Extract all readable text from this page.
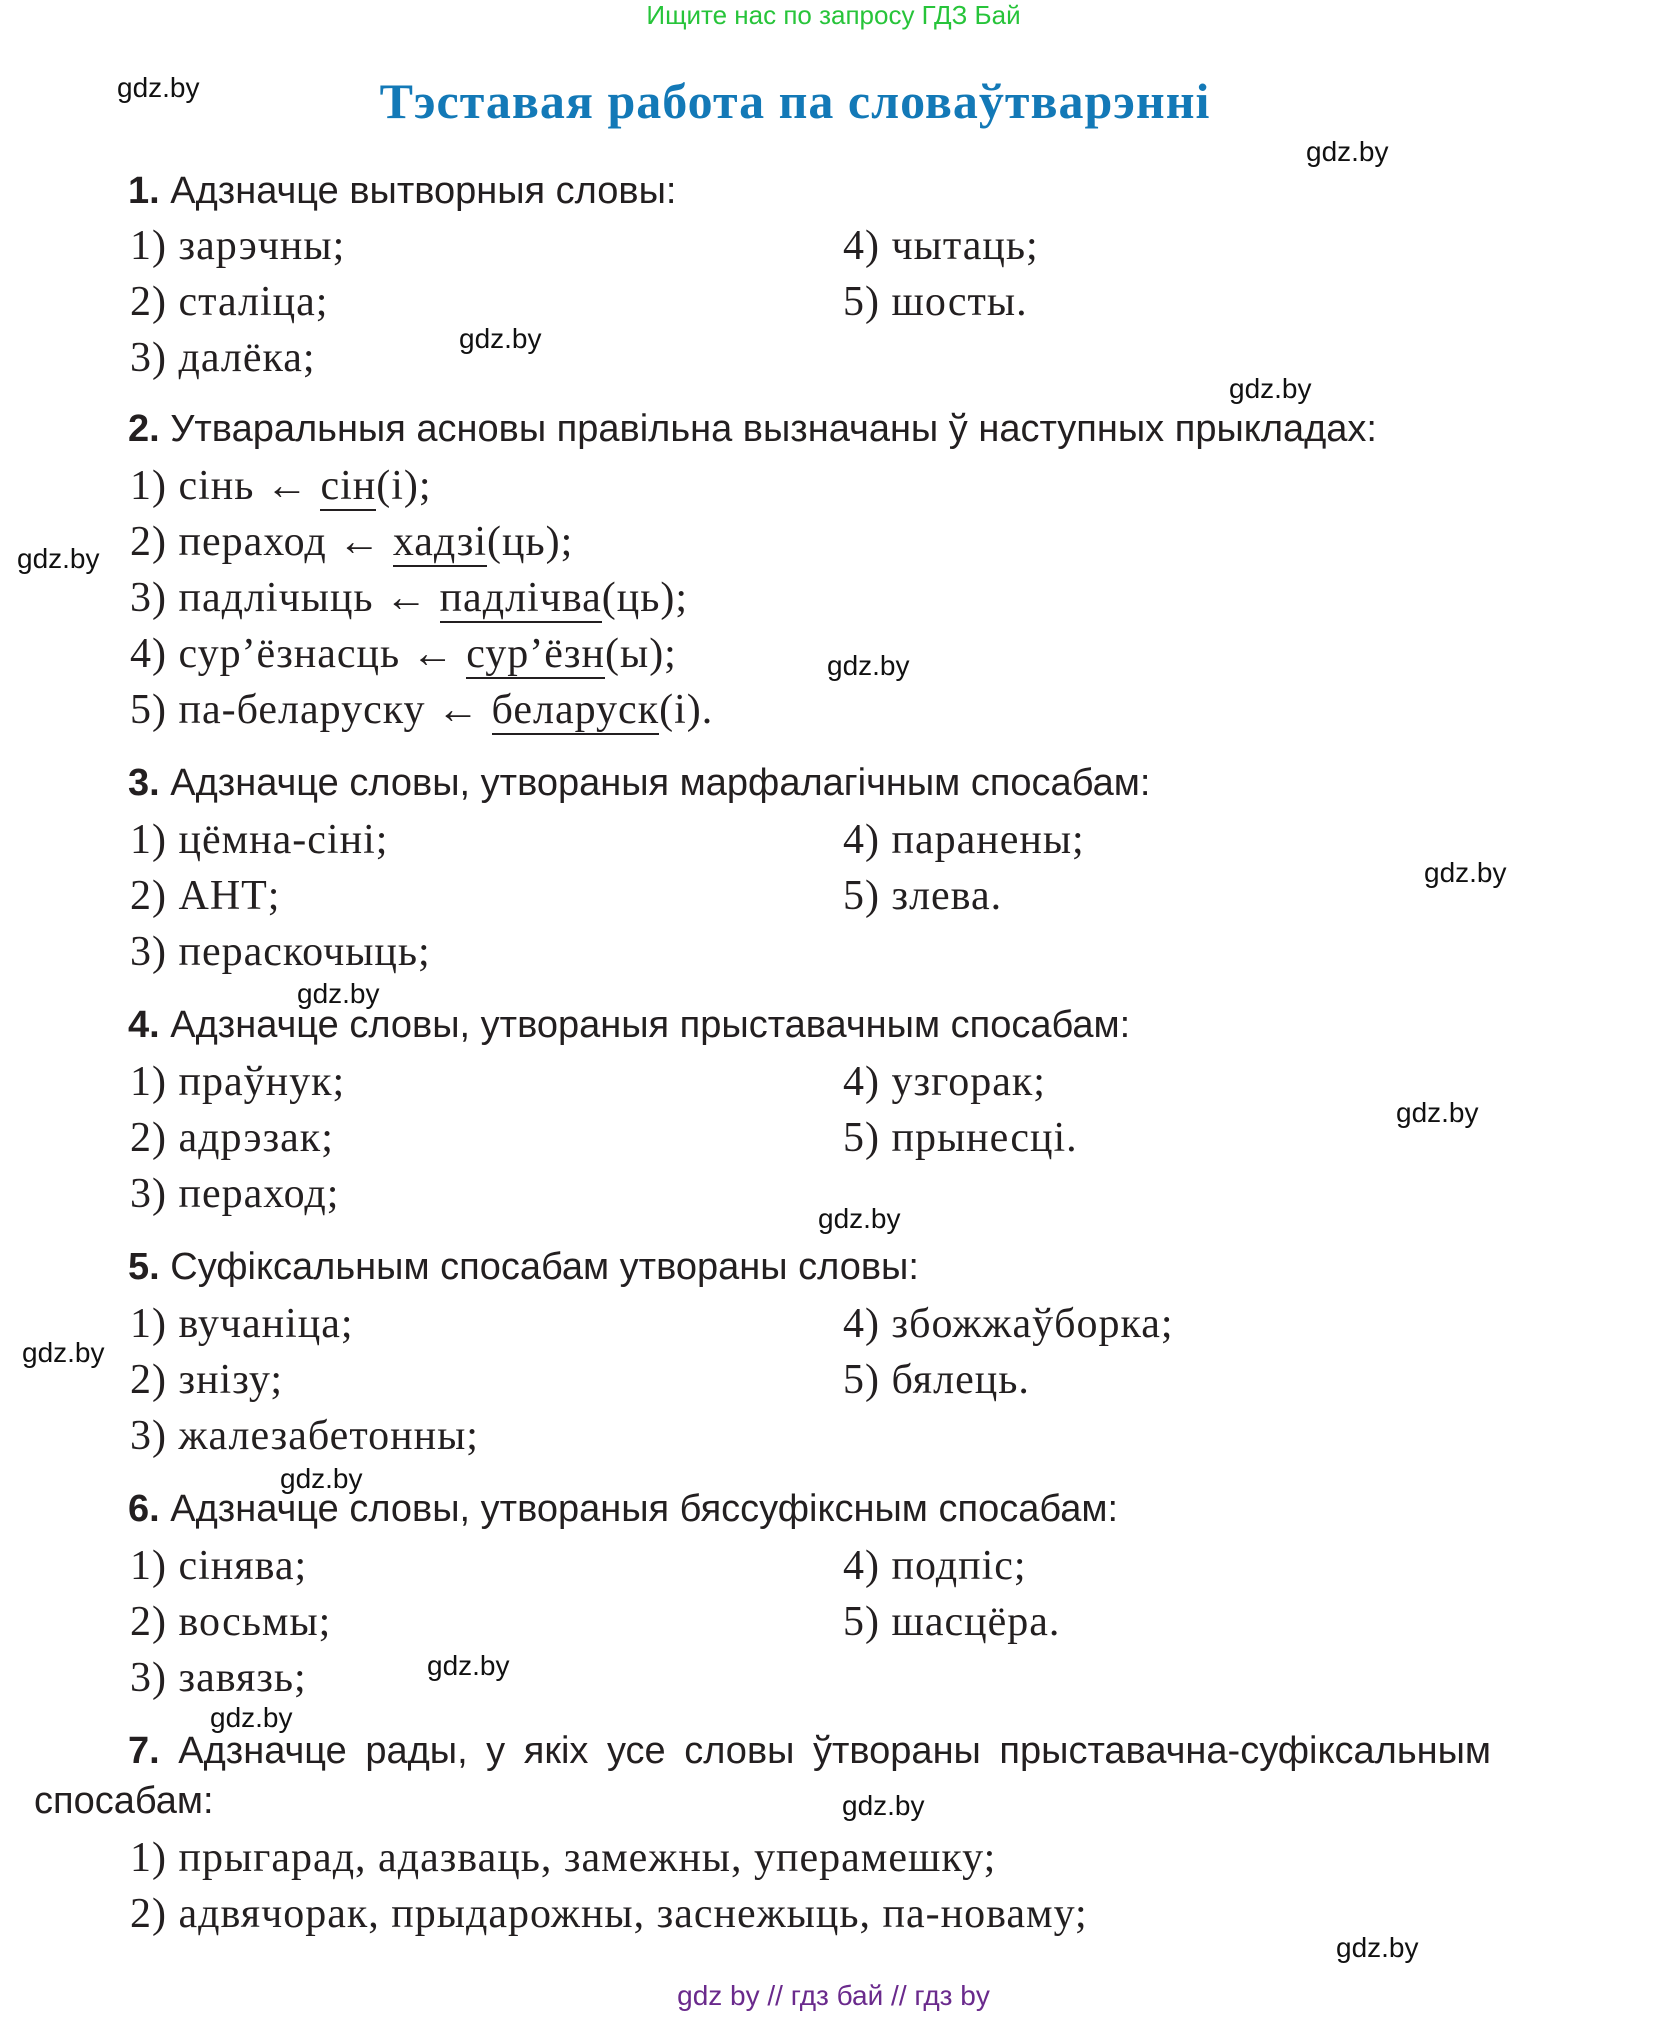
Ищите нас по запросу ГДЗ Бай
Тэставая работа па словаўтварэнні
gdz.by
gdz.by
gdz.by
gdz.by
gdz.by
gdz.by
gdz.by
gdz.by
gdz.by
gdz.by
gdz.by
gdz.by
gdz.by
gdz.by
gdz.by
gdz.by
1. Адзначце вытворныя словы:
1) зарэчны;
2) сталіца;
3) далёка;
4) чытаць;
5) шосты.
2. Утваральныя асновы правільна вызначаны ў наступных прыкладах:
1) сінь ← сін(і);
2) пераход ← хадзі(ць);
3) падлічыць ← падлічва(ць);
4) сур’ёзнасць ← сур’ёзн(ы);
5) па-беларуску ← беларуск(і).
3. Адзначце словы, утвораныя марфалагічным спосабам:
1) цёмна-сіні;
2) АНТ;
3) пераскочыць;
4) паранены;
5) злева.
4. Адзначце словы, утвораныя прыставачным спосабам:
1) праўнук;
2) адрэзак;
3) пераход;
4) узгорак;
5) прынесці.
5. Суфіксальным спосабам утвораны словы:
1) вучаніца;
2) знізу;
3) жалезабетонны;
4) збожжаўборка;
5) бялець.
6. Адзначце словы, утвораныя бяссуфіксным спосабам:
1) сінява;
2) восьмы;
3) завязь;
4) подпіс;
5) шасцёра.
7. Адзначце рады, у якіх усе словы ўтвораны прыставачна-суфіксальным
спосабам:
1) прыгарад, адазваць, замежны, уперамешку;
2) адвячорак, прыдарожны, заснежыць, па-новаму;
gdz by // гдз бай // гдз by
